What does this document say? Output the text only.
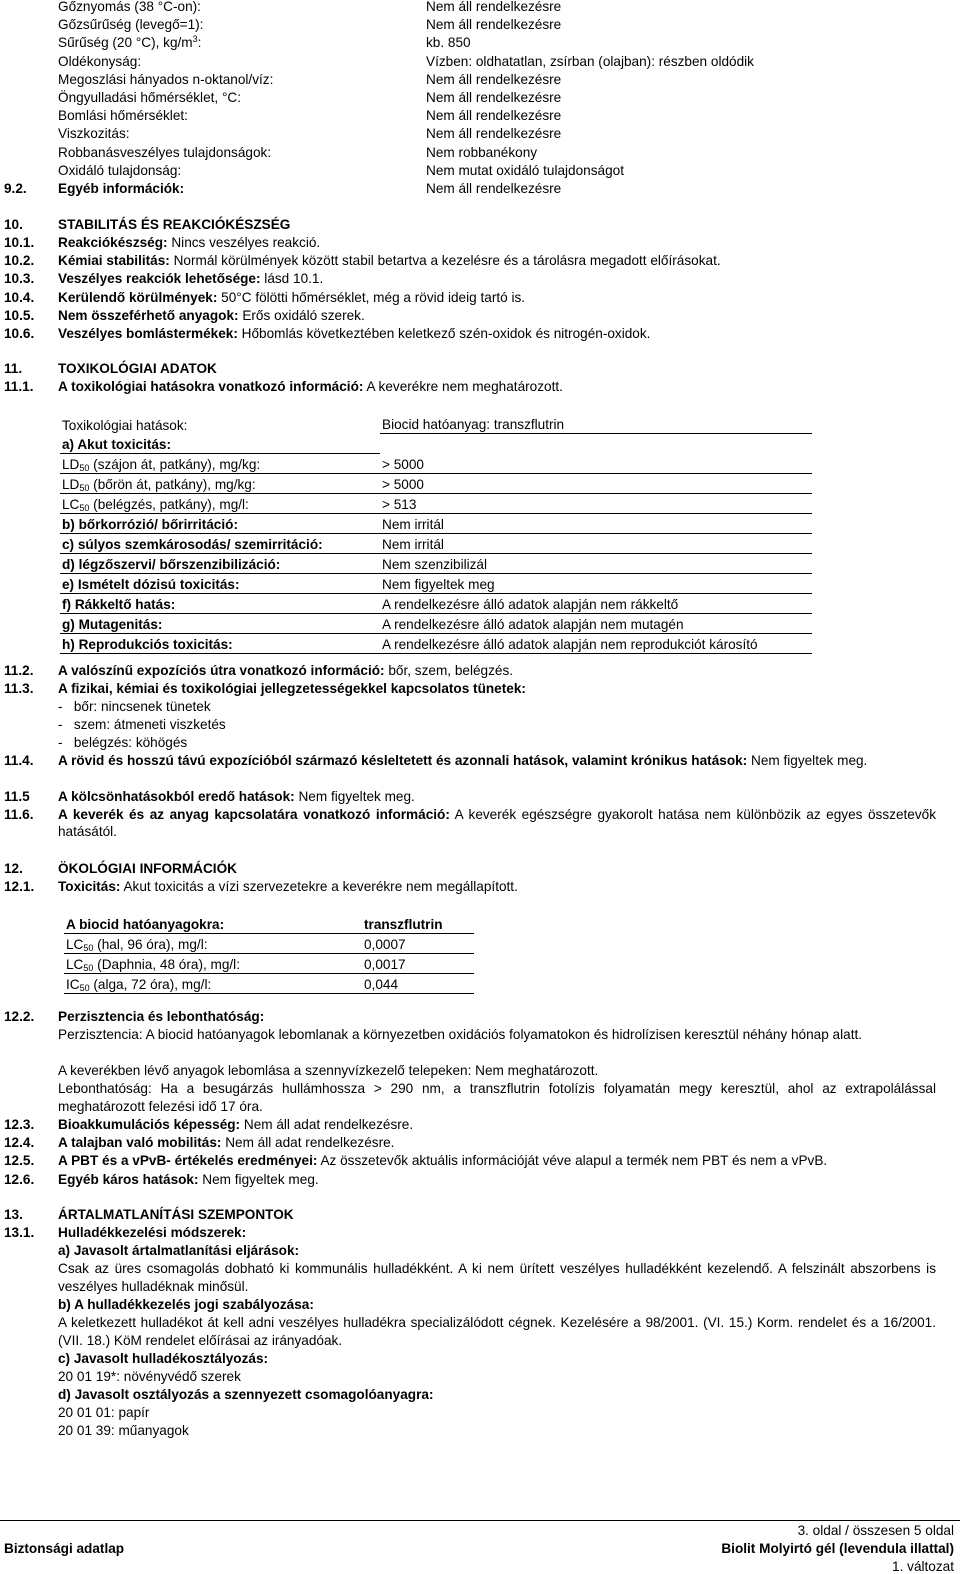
Gőznyomás (38 °C-on):	Nem áll rendelkezésre
Gőzsűrűség (levegő=1):	Nem áll rendelkezésre
Sűrűség (20 °C), $kg/m^3$:	kb. 850
Oldékonyság:	Vízben: oldhatatlan, zsírban (olajban): részben oldódik
Megoszlási hányados n-oktanol/víz:	Nem áll rendelkezésre
Öngyulladási hőmérséklet, °C:	Nem áll rendelkezésre
Bomlási hőmérséklet:	Nem áll rendelkezésre
Viszkozitás:	Nem áll rendelkezésre
Robbanásveszélyes tulajdonságok:	Nem robbanékony
Oxidáló tulajdonság:	Nem mutat oxidáló tulajdonságot
9.2. Egyéb információk:	Nem áll rendelkezésre
10.	STABILITÁS ÉS REAKCIÓKÉSZSÉG
10.1. Reakciókészség: Nincs veszélyes reakció.
10.2. Kémiai stabilitás: Normál körülmények között stabil betartva a kezelésre és a tárolásra megadott előírásokat.
10.3. Veszélyes reakciók lehetősége: lásd 10.1.
10.4. Kerülendő körülmények: 50°C fölötti hőmérséklet, még a rövid ideig tartó is.
10.5. Nem összeférhető anyagok: Erős oxidáló szerek.
10.6. Veszélyes bomlástermékek: Hőbomlás következtében keletkező szén-oxidok és nitrogén-oxidok.
11.	TOXIKOLÓGIAI ADATOK
11.1. A toxikológiai hatásokra vonatkozó információ: A keverékre nem meghatározott.
Toxikológiai hatások:	Biocid hatóanyag: transzflutrin
a) Akut toxicitás:	
$LD_{50}$ (szájon át, patkány), mg/kg:	> 5000
$LD_{50}$ (bőrön át, patkány), mg/kg:	> 5000
$LC_{50}$ (belégzés, patkány), mg/l:	> 513
b) bőrkorrózió/ bőrirritáció:	Nem irritál
c) súlyos szemkárosodás/ szemirritáció:	Nem irritál
d) légzőszervi/ bőrszenzibilizáció:	Nem szenzibilizál
e) Ismételt dózisú toxicitás:	Nem figyeltek meg
f) Rákkeltő hatás:	A rendelkezésre álló adatok alapján nem rákkeltő
g) Mutagenitás:	A rendelkezésre álló adatok alapján nem mutagén
h) Reprodukciós toxicitás:	A rendelkezésre álló adatok alapján nem reprodukciót károsító
11.2. A valószínű expozíciós útra vonatkozó információ: bőr, szem, belégzés.
11.3. A fizikai, kémiai és toxikológiai jellegzetességekkel kapcsolatos tünetek:
-   bőr: nincsenek tünetek
-   szem: átmeneti viszketés
-   belégzés: köhögés
11.4. A rövid és hosszú távú expozícióból származó késleltetett és azonnali hatások, valamint krónikus hatások: Nem figyeltek meg.
11.5 A kölcsönhatásokból eredő hatások: Nem figyeltek meg.
11.6. A keverék és az anyag kapcsolatára vonatkozó információ: A keverék egészségre gyakorolt hatása nem különbözik az egyes összetevők hatásától.
12.	ÖKOLÓGIAI INFORMÁCIÓK
12.1. Toxicitás: Akut toxicitás a vízi szervezetekre a keverékre nem megállapított.
A biocid hatóanyagokra:	transzflutrin
$LC_{50}$ (hal, 96 óra), mg/l:	0,0007
$LC_{50}$ (Daphnia, 48 óra), mg/l:	0,0017
$IC_{50}$ (alga, 72 óra), mg/l:	0,044
12.2. Perzisztencia és lebonthatóság:
Perzisztencia: A biocid hatóanyagok lebomlanak a környezetben oxidációs folyamatokon és hidrolízisen keresztül néhány hónap alatt.
A keverékben lévő anyagok lebomlása a szennyvízkezelő telepeken: Nem meghatározott.
Lebonthatóság: Ha a besugárzás hullámhossza > 290 nm, a transzflutrin fotolízis folyamatán megy keresztül, ahol az extrapolálással meghatározott felezési idő 17 óra.
12.3. Bioakkumulációs képesség: Nem áll adat rendelkezésre.
12.4. A talajban való mobilitás: Nem áll adat rendelkezésre.
12.5. A PBT és a vPvB- értékelés eredményei: Az összetevők aktuális információját véve alapul a termék nem PBT és nem a vPvB.
12.6. Egyéb káros hatások: Nem figyeltek meg.
13.	ÁRTALMATLANÍTÁSI SZEMPONTOK
13.1. Hulladékkezelési módszerek:
a) Javasolt ártalmatlanítási eljárások:
Csak az üres csomagolás dobható ki kommunális hulladékként. A ki nem ürített veszélyes hulladékként kezelendő. A felszinált abszorbens is veszélyes hulladéknak minősül.
b) A hulladékkezelés jogi szabályozása:
A keletkezett hulladékot át kell adni veszélyes hulladékra specializálódott cégnek. Kezelésére a 98/2001. (VI. 15.) Korm. rendelet és a 16/2001. (VII. 18.) KöM rendelet előírásai az irányadóak.
c) Javasolt hulladékosztályozás:
20 01 19*: növényvédő szerek
d) Javasolt osztályozás a szennyezett csomagolóanyagra:
20 01 01: papír
20 01 39: műanyagok
3. oldal / összesen 5 oldal
Biztonsági adatlap	Biolit Molyirtó gél (levendula illattal)
1. változat
